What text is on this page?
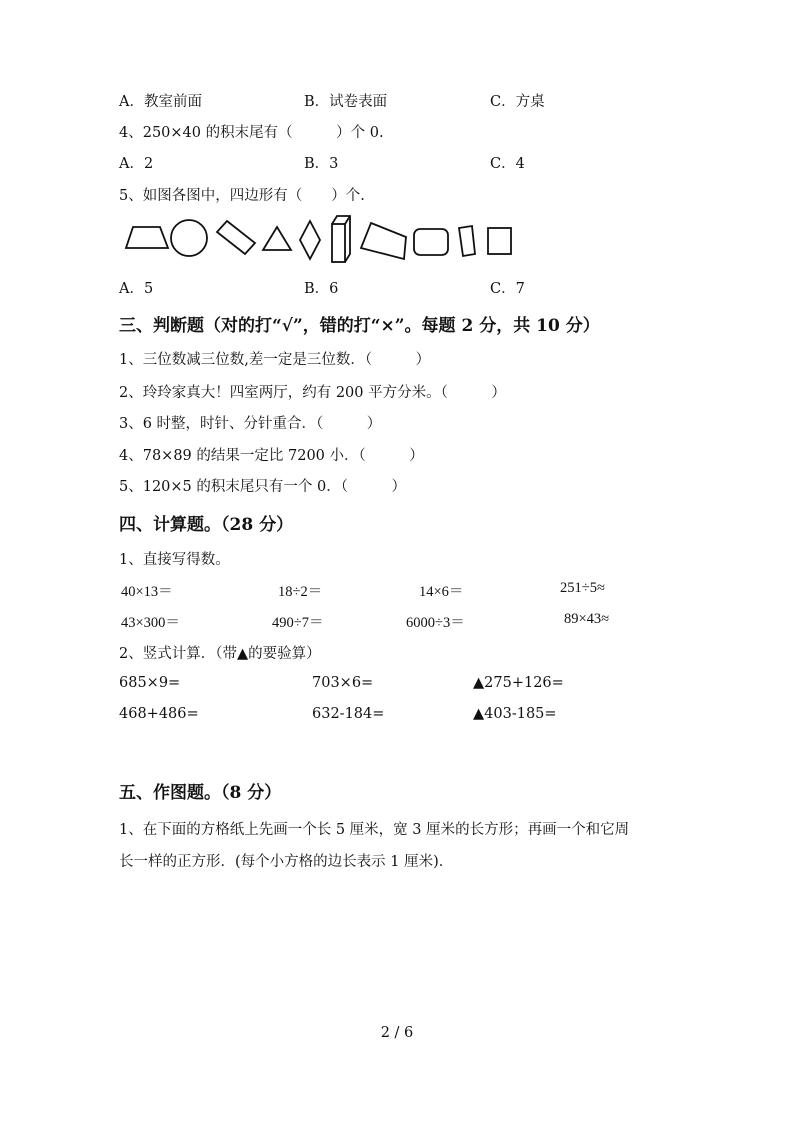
A．教室前面	B．试卷表面	C．方桌
4、250×40 的积末尾有（　　　）个 0.
A．2	B．3	C．4
5、如图各图中，四边形有（　　）个.
A．5	B．6	C．7
三、判断题（对的打“√”，错的打“×”。每题 2 分，共 10 分）
1、三位数减三位数,差一定是三位数．（　　　）
2、玲玲家真大！四室两厅，约有 200 平方分米。（　　　）
3、6 时整，时针、分针重合．（　　　）
4、78×89 的结果一定比 7200 小．（　　　）
5、120×5 的积末尾只有一个 0．（　　　）
四、计算题。（28 分）
1、直接写得数。
40×13＝	18÷2＝	14×6＝	251÷5≈
43×300＝	490÷7＝	6000÷3＝	89×43≈
2、竖式计算．（带▲的要验算）
685×9=	703×6=	▲275+126=
468+486=	632-184=	▲403-185=
五、作图题。（8 分）
1、在下面的方格纸上先画一个长 5 厘米，宽 3 厘米的长方形；再画一个和它周
长一样的正方形．(每个小方格的边长表示 1 厘米)．
2 / 6
